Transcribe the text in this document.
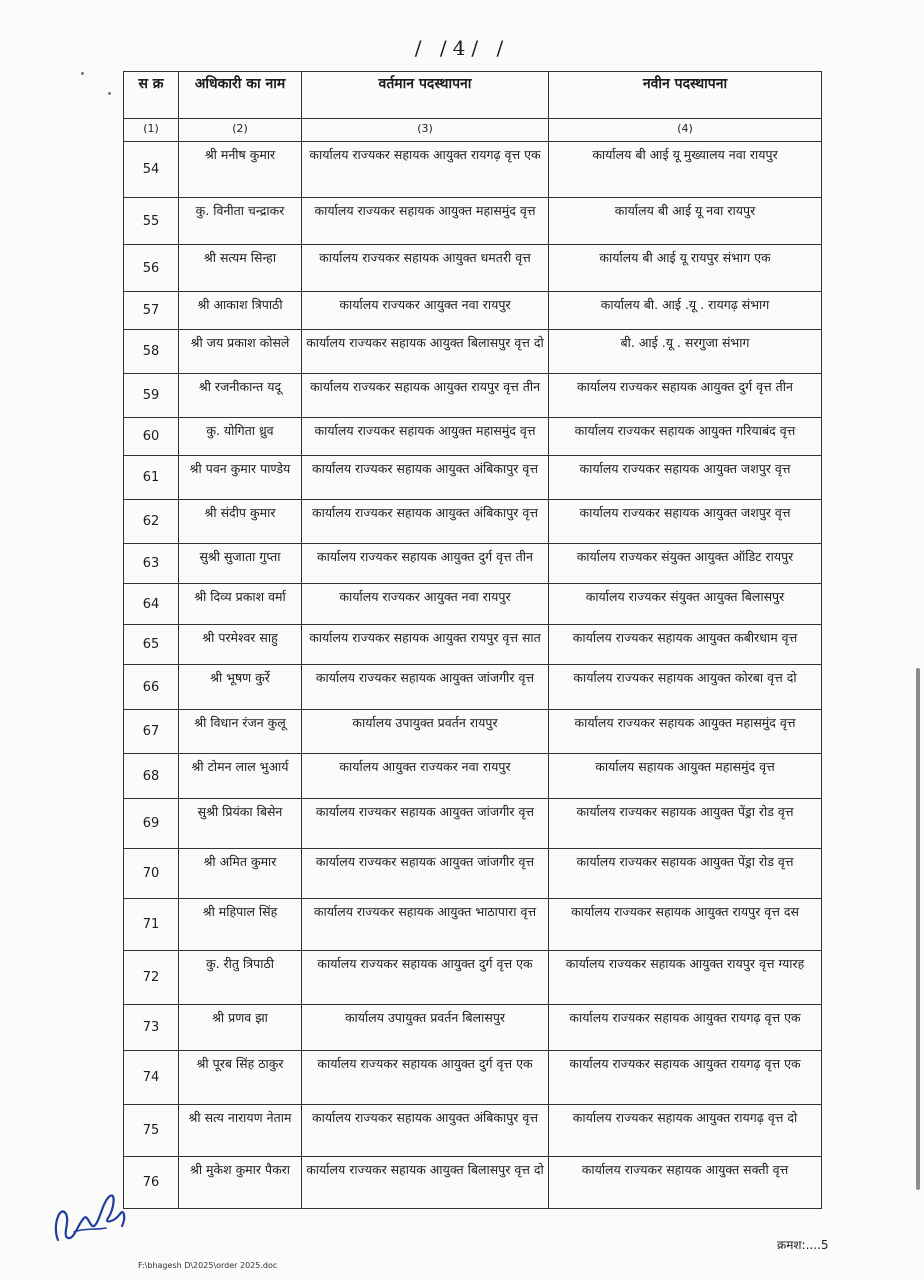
/ /4/ /
स क्र	अधिकारी का नाम	वर्तमान पदस्थापना	नवीन पदस्थापना
(1)	(2)	(3)	(4)
54	श्री मनीष कुमार	कार्यालय राज्यकर सहायक आयुक्त रायगढ़ वृत्त एक	कार्यालय बी आई यू मुख्यालय नवा रायपुर
55	कु. विनीता चन्द्राकर	कार्यालय राज्यकर सहायक आयुक्त महासमुंद वृत्त	कार्यालय बी आई यू नवा रायपुर
56	श्री सत्यम सिन्हा	कार्यालय राज्यकर सहायक आयुक्त धमतरी वृत्त	कार्यालय बी आई यू रायपुर संभाग एक
57	श्री आकाश त्रिपाठी	कार्यालय राज्यकर आयुक्त नवा रायपुर	कार्यालय बी. आई .यू . रायगढ़ संभाग
58	श्री जय प्रकाश कोसले	कार्यालय राज्यकर सहायक आयुक्त बिलासपुर वृत्त दो	बी. आई .यू . सरगुजा संभाग
59	श्री रजनीकान्त यदू	कार्यालय राज्यकर सहायक आयुक्त रायपुर वृत्त तीन	कार्यालय राज्यकर सहायक आयुक्त दुर्ग वृत्त तीन
60	कु. योगिता ध्रुव	कार्यालय राज्यकर सहायक आयुक्त महासमुंद वृत्त	कार्यालय राज्यकर सहायक आयुक्त गरियाबंद वृत्त
61	श्री पवन कुमार पाण्डेय	कार्यालय राज्यकर सहायक आयुक्त अंबिकापुर वृत्त	कार्यालय राज्यकर सहायक आयुक्त जशपुर वृत्त
62	श्री संदीप कुमार	कार्यालय राज्यकर सहायक आयुक्त अंबिकापुर वृत्त	कार्यालय राज्यकर सहायक आयुक्त जशपुर वृत्त
63	सुश्री सुजाता गुप्ता	कार्यालय राज्यकर सहायक आयुक्त दुर्ग वृत्त तीन	कार्यालय राज्यकर संयुक्त आयुक्त ऑडिट रायपुर
64	श्री दिव्य प्रकाश वर्मा	कार्यालय राज्यकर आयुक्त नवा रायपुर	कार्यालय राज्यकर संयुक्त आयुक्त बिलासपुर
65	श्री परमेश्वर साहु	कार्यालय राज्यकर सहायक आयुक्त रायपुर वृत्त सात	कार्यालय राज्यकर सहायक आयुक्त कबीरधाम वृत्त
66	श्री भूषण कुर्रे	कार्यालय राज्यकर सहायक आयुक्त जांजगीर वृत्त	कार्यालय राज्यकर सहायक आयुक्त कोरबा वृत्त दो
67	श्री विधान रंजन कुलू	कार्यालय उपायुक्त प्रवर्तन रायपुर	कार्यालय राज्यकर सहायक आयुक्त महासमुंद वृत्त
68	श्री टोमन लाल भुआर्य	कार्यालय आयुक्त राज्यकर नवा रायपुर	कार्यालय सहायक आयुक्त महासमुंद वृत्त
69	सुश्री प्रियंका बिसेन	कार्यालय राज्यकर सहायक आयुक्त जांजगीर वृत्त	कार्यालय राज्यकर सहायक आयुक्त पेंड्रा रोड वृत्त
70	श्री अमित कुमार	कार्यालय राज्यकर सहायक आयुक्त जांजगीर वृत्त	कार्यालय राज्यकर सहायक आयुक्त पेंड्रा रोड वृत्त
71	श्री महिपाल सिंह	कार्यालय राज्यकर सहायक आयुक्त भाठापारा वृत्त	कार्यालय राज्यकर सहायक आयुक्त रायपुर वृत्त दस
72	कु. रीतु त्रिपाठी	कार्यालय राज्यकर सहायक आयुक्त दुर्ग वृत्त एक	कार्यालय राज्यकर सहायक आयुक्त रायपुर वृत्त ग्यारह
73	श्री प्रणव झा	कार्यालय उपायुक्त प्रवर्तन बिलासपुर	कार्यालय राज्यकर सहायक आयुक्त रायगढ़ वृत्त एक
74	श्री पूरब सिंह ठाकुर	कार्यालय राज्यकर सहायक आयुक्त दुर्ग वृत्त एक	कार्यालय राज्यकर सहायक आयुक्त रायगढ़ वृत्त एक
75	श्री सत्य नारायण नेताम	कार्यालय राज्यकर सहायक आयुक्त अंबिकापुर वृत्त	कार्यालय राज्यकर सहायक आयुक्त रायगढ़ वृत्त दो
76	श्री मुकेश कुमार पैकरा	कार्यालय राज्यकर सहायक आयुक्त बिलासपुर वृत्त दो	कार्यालय राज्यकर सहायक आयुक्त सक्ती वृत्त
क्रमश:....5
F:\bhagesh D\2025\order 2025.doc
